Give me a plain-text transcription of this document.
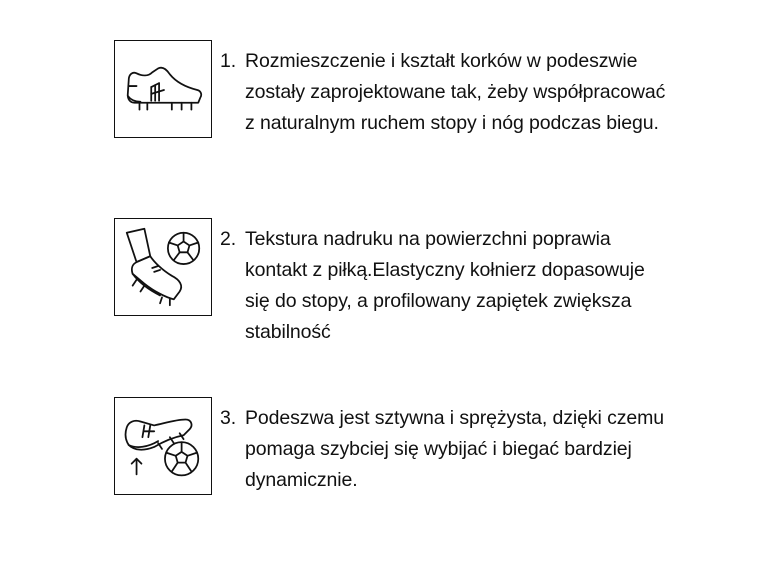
1. Rozmieszczenie i kształt korków w podeszwie zostały zaprojektowane tak, żeby współpracować z naturalnym ruchem stopy i nóg podczas biegu.
2. Tekstura nadruku na powierzchni poprawia kontakt z piłką.Elastyczny kołnierz dopasowuje się do stopy, a profilowany zapiętek zwiększa stabilność
3. Podeszwa jest sztywna i sprężysta, dzięki czemu pomaga szybciej się wybijać i biegać bardziej dynamicznie.
